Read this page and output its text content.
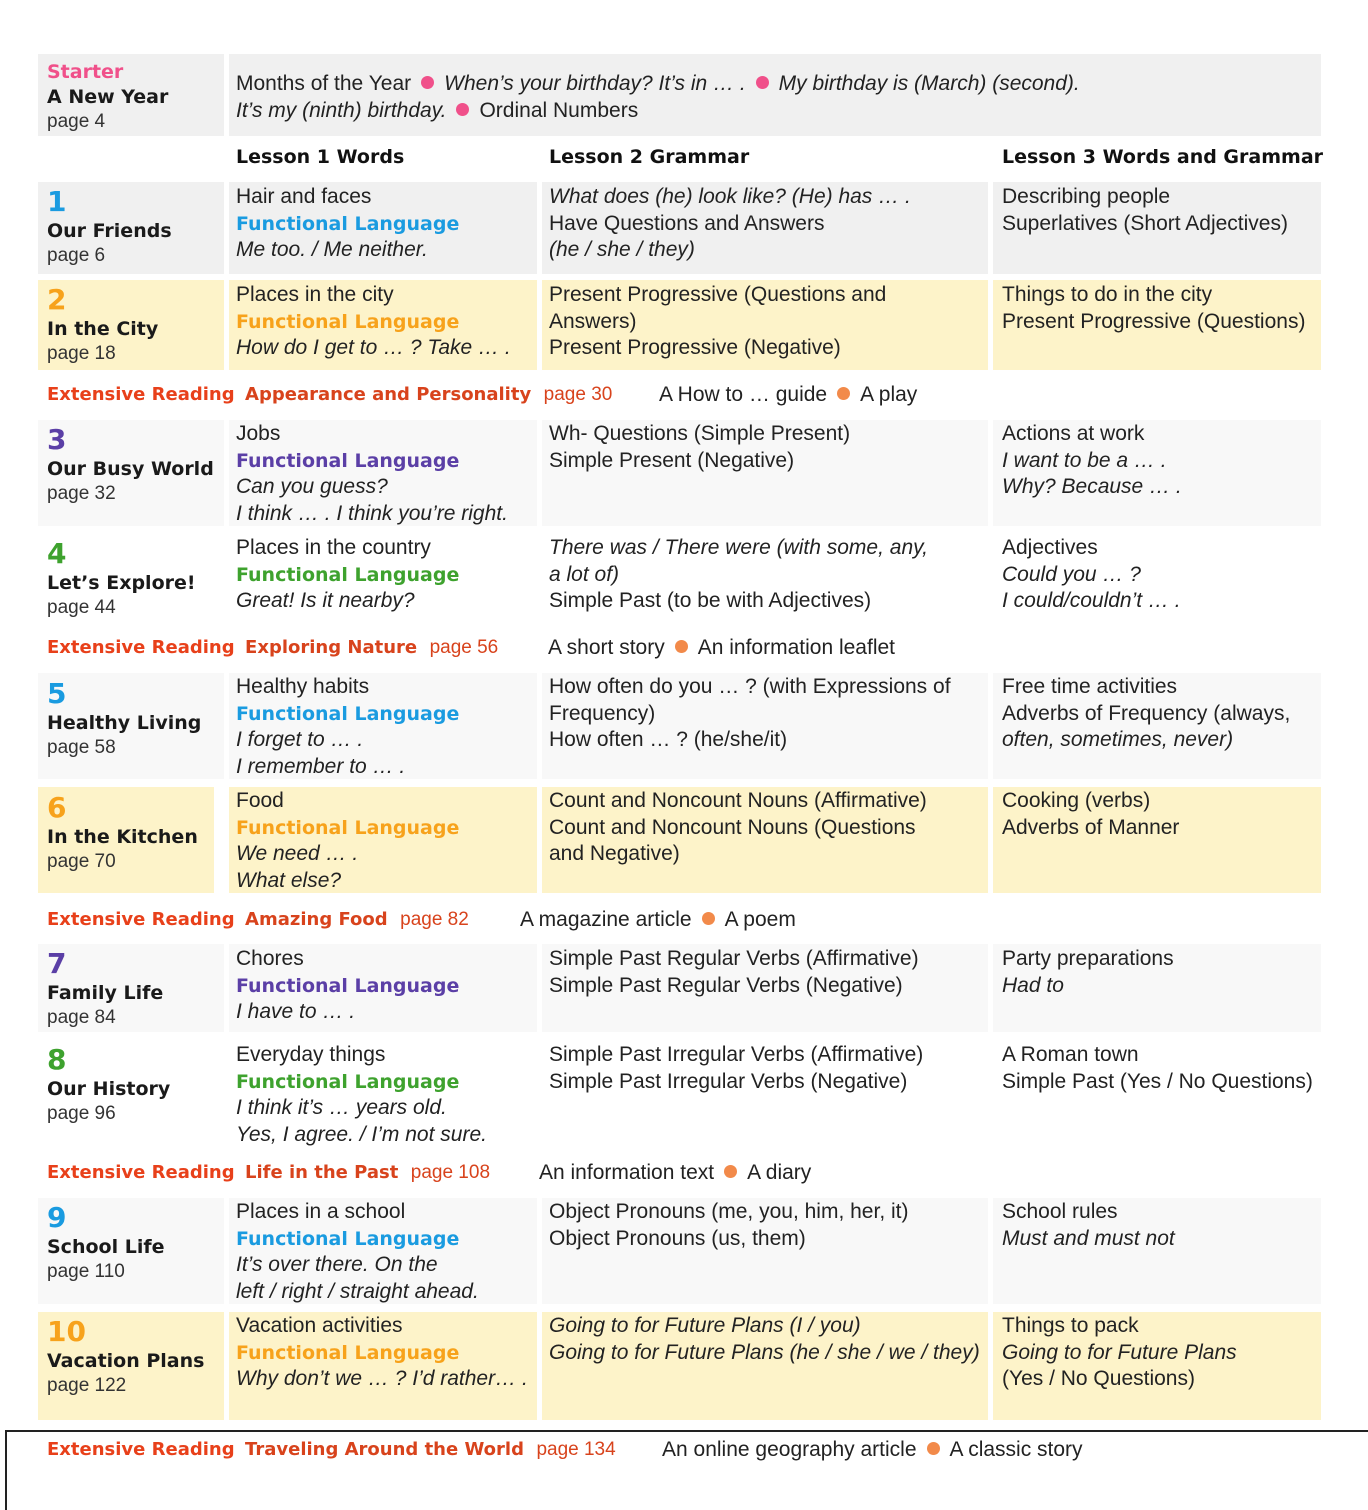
Starter
A New Year
page 4
Months of the Year When’s your birthday? It’s in … . My birthday is (March) (second).
It’s my (ninth) birthday. Ordinal Numbers
Lesson 1 Words	Lesson 2 Grammar	Lesson 3 Words and Grammar
1
Our Friends
page 6
Hair and faces
Functional Language
Me too. / Me neither.
What does (he) look like? (He) has … .
Have Questions and Answers
(he / she / they)
Describing people
Superlatives (Short Adjectives)
2
In the City
page 18
Places in the city
Functional Language
How do I get to … ? Take … .
Present Progressive (Questions and
Answers)
Present Progressive (Negative)
Things to do in the city
Present Progressive (Questions)
Extensive Reading Appearance and Personality page 30 A How to … guide A play
3
Our Busy World
page 32
Jobs
Functional Language
Can you guess?
I think … . I think you’re right.
Wh- Questions (Simple Present)
Simple Present (Negative)
Actions at work
I want to be a … .
Why? Because … .
4
Let’s Explore!
page 44
Places in the country
Functional Language
Great! Is it nearby?
There was / There were (with some, any,
a lot of)
Simple Past (to be with Adjectives)
Adjectives
Could you … ?
I could/couldn’t … .
Extensive Reading Exploring Nature page 56 A short story An information leaflet
5
Healthy Living
page 58
Healthy habits
Functional Language
I forget to … .
I remember to … .
How often do you … ? (with Expressions of
Frequency)
How often … ? (he/she/it)
Free time activities
Adverbs of Frequency (always,
often, sometimes, never)
6
In the Kitchen
page 70
Food
Functional Language
We need … .
What else?
Count and Noncount Nouns (Affirmative)
Count and Noncount Nouns (Questions
and Negative)
Cooking (verbs)
Adverbs of Manner
Extensive Reading Amazing Food page 82 A magazine article A poem
7
Family Life
page 84
Chores
Functional Language
I have to … .
Simple Past Regular Verbs (Affirmative)
Simple Past Regular Verbs (Negative)
Party preparations
Had to
8
Our History
page 96
Everyday things
Functional Language
I think it’s … years old.
Yes, I agree. / I’m not sure.
Simple Past Irregular Verbs (Affirmative)
Simple Past Irregular Verbs (Negative)
A Roman town
Simple Past (Yes / No Questions)
Extensive Reading Life in the Past page 108 An information text A diary
9
School Life
page 110
Places in a school
Functional Language
It’s over there. On the
left / right / straight ahead.
Object Pronouns (me, you, him, her, it)
Object Pronouns (us, them)
School rules
Must and must not
10
Vacation Plans
page 122
Vacation activities
Functional Language
Why don’t we … ? I’d rather… .
Going to for Future Plans (I / you)
Going to for Future Plans (he / she / we / they)
Things to pack
Going to for Future Plans
(Yes / No Questions)
Extensive Reading Traveling Around the World page 134 An online geography article A classic story
